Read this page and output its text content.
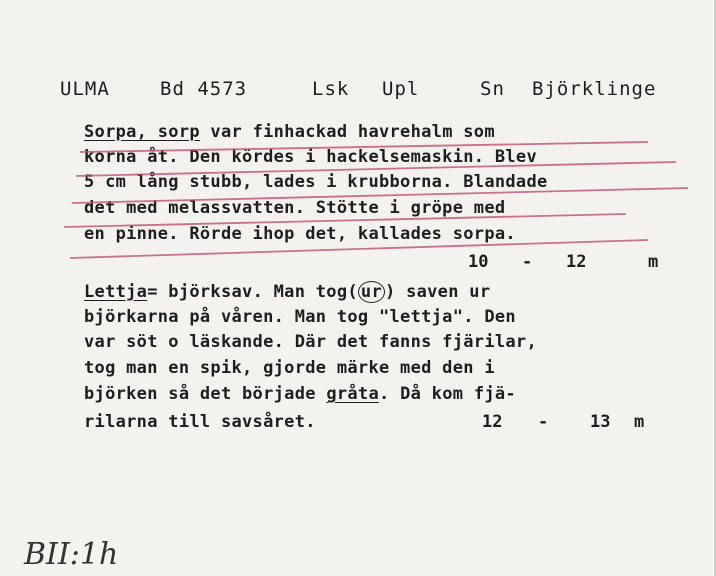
ULMA	Bd 4573	Lsk Upl	Sn Björklinge
Sorpa, sorp var finhackad havrehalm som
korna åt. Den kördes i hackelsemaskin. Blev
5 cm lång stubb, lades i krubborna. Blandade
det med melassvatten. Stötte i gröpe med
en pinne. Rörde ihop det, kallades sorpa.
10 - 12	m
Lettja= björksav. Man tog( ur ) saven ur
björkarna på våren. Man tog "lettja". Den
var söt o läskande. Där det fanns fjärilar,
tog man en spik, gjorde märke med den i
björken så det började gråta. Då kom fjä-
rilarna till savsåret.	12 - 13 m
BII:1h
